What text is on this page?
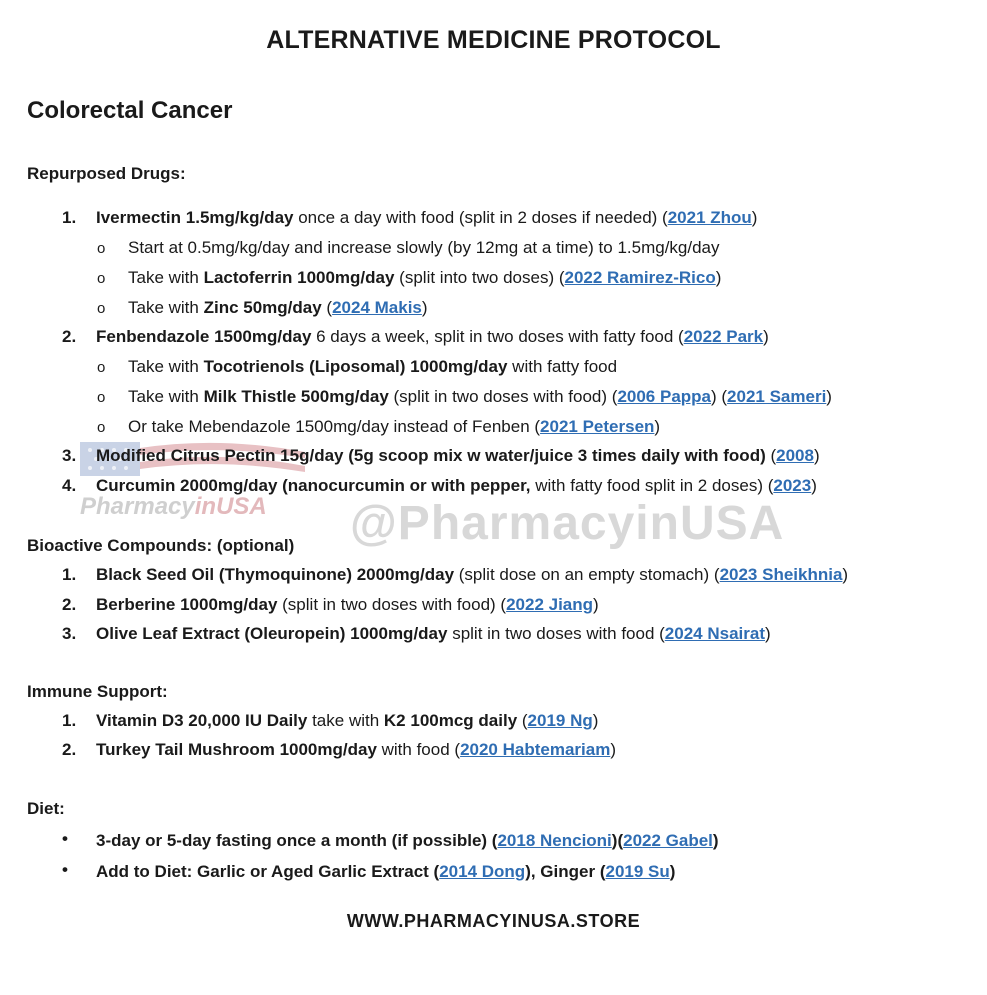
PharmacyinUSA @PharmacyinUSA
ALTERNATIVE MEDICINE PROTOCOL
Colorectal Cancer
Repurposed Drugs:
1. Ivermectin 1.5mg/kg/day once a day with food (split in 2 doses if needed) (2021 Zhou)
o Start at 0.5mg/kg/day and increase slowly (by 12mg at a time) to 1.5mg/kg/day
o Take with Lactoferrin 1000mg/day (split into two doses) (2022 Ramirez-Rico)
o Take with Zinc 50mg/day (2024 Makis)
2. Fenbendazole 1500mg/day 6 days a week, split in two doses with fatty food (2022 Park)
o Take with Tocotrienols (Liposomal) 1000mg/day with fatty food
o Take with Milk Thistle 500mg/day (split in two doses with food) (2006 Pappa) (2021 Sameri)
o Or take Mebendazole 1500mg/day instead of Fenben (2021 Petersen)
3. Modified Citrus Pectin 15g/day (5g scoop mix w water/juice 3 times daily with food) (2008)
4. Curcumin 2000mg/day (nanocurcumin or with pepper, with fatty food split in 2 doses) (2023)
Bioactive Compounds: (optional)
1. Black Seed Oil (Thymoquinone) 2000mg/day (split dose on an empty stomach) (2023 Sheikhnia)
2. Berberine 1000mg/day (split in two doses with food) (2022 Jiang)
3. Olive Leaf Extract (Oleuropein) 1000mg/day split in two doses with food (2024 Nsairat)
Immune Support:
1. Vitamin D3 20,000 IU Daily take with K2 100mcg daily (2019 Ng)
2. Turkey Tail Mushroom 1000mg/day with food (2020 Habtemariam)
Diet:
• 3-day or 5-day fasting once a month (if possible) (2018 Nencioni)(2022 Gabel)
• Add to Diet: Garlic or Aged Garlic Extract (2014 Dong), Ginger (2019 Su)
WWW.PHARMACYINUSA.STORE
